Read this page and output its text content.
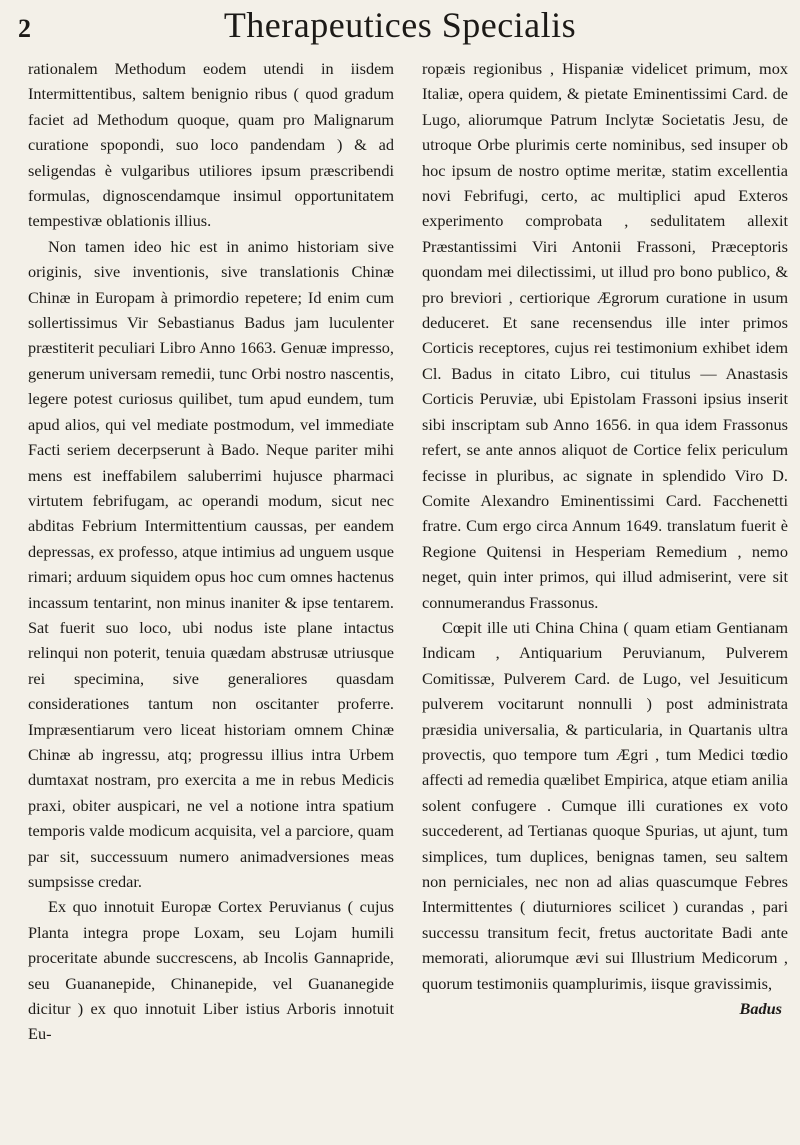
2	Therapeutices Specialis

rationalem Methodum eodem utendi in iisdem Intermittentibus, saltem benignio ribus ( quod gradum faciet ad Methodum quoque, quam pro Malignarum curatione spopondi, suo loco pandendam ) & ad seligendas è vulgaribus utiliores ipsum præscribendi formulas, dignoscendamque insimul opportunitatem tempestivæ oblationis illius.

Non tamen ideo hic est in animo historiam sive originis, sive inventionis, sive translationis Chinæ Chinæ in Europam à primordio repetere; Id enim cum sollertissimus Vir Sebastianus Badus jam luculenter præstiterit peculiari Libro Anno 1663. Genuæ impresso, generum universam remedii, tunc Orbi nostro nascentis, legere potest curiosus quilibet, tum apud eundem, tum apud alios, qui vel mediate postmodum, vel immediate Facti seriem decerpserunt à Bado. Neque pariter mihi mens est ineffabilem saluberrimi hujusce pharmaci virtutem febrifugam, ac operandi modum, sicut nec abditas Febrium Intermittentium caussas, per eandem depressas, ex professo, atque intimius ad unguem usque rimari; arduum siquidem opus hoc cum omnes hactenus incassum tentarint, non minus inaniter & ipse tentarem. Sat fuerit suo loco, ubi nodus iste plane intactus relinqui non poterit, tenuia quædam abstrusæ utriusque rei specimina, sive generaliores quasdam considerationes tantum non oscitanter proferre. Impræsentiarum vero liceat historiam omnem Chinæ Chinæ ab ingressu, atq; progressu illius intra Urbem dumtaxat nostram, pro exercita a me in rebus Medicis praxi, obiter auspicari, ne vel a notione intra spatium temporis valde modicum acquisita, vel a parciore, quam par sit, successuum numero animadversiones meas sumpsisse credar.

Ex quo innotuit Europæ Cortex Peruvianus ( cujus Planta integra prope Loxam, seu Lojam humili proceritate abunde succrescens, ab Incolis Gannapride, seu Guananepide, Chinanepide, vel Guananegide dicitur ) ex quo innotuit Liber istius Arboris innotuit Eu-

ropæis regionibus , Hispaniæ videlicet primum, mox Italiæ, opera quidem, & pietate Eminentissimi Card. de Lugo, aliorumque Patrum Inclytæ Societatis Jesu, de utroque Orbe plurimis certe nominibus, sed insuper ob hoc ipsum de nostro optime meritæ, statim excellentia novi Febrifugi, certo, ac multiplici apud Exteros experimento comprobata , sedulitatem allexit Præstantissimi Viri Antonii Frassoni, Præceptoris quondam mei dilectissimi, ut illud pro bono publico, & pro breviori , certiorique Ægrorum curatione in usum deduceret. Et sane recensendus ille inter primos Corticis receptores, cujus rei testimonium exhibet idem Cl. Badus in citato Libro, cui titulus — Anastasis Corticis Peruviæ, ubi Epistolam Frassoni ipsius inserit sibi inscriptam sub Anno 1656. in qua idem Frassonus refert, se ante annos aliquot de Cortice felix periculum fecisse in pluribus, ac signate in splendido Viro D. Comite Alexandro Eminentissimi Card. Facchenetti fratre. Cum ergo circa Annum 1649. translatum fuerit è Regione Quitensi in Hesperiam Remedium , nemo neget, quin inter primos, qui illud admiserint, vere sit connumerandus Frassonus.

Cœpit ille uti China China ( quam etiam Gentianam Indicam , Antiquarium Peruvianum, Pulverem Comitissæ, Pulverem Card. de Lugo, vel Jesuiticum pulverem vocitarunt nonnulli ) post administrata præsidia universalia, & particularia, in Quartanis ultra provectis, quo tempore tum Ægri , tum Medici tœdio affecti ad remedia quælibet Empirica, atque etiam anilia solent confugere . Cumque illi curationes ex voto succederent, ad Tertianas quoque Spurias, ut ajunt, tum simplices, tum duplices, benignas tamen, seu saltem non perniciales, nec non ad alias quascumque Febres Intermittentes ( diuturniores scilicet ) curandas , pari successu transitum fecit, fretus auctoritate Badi ante memorati, aliorumque ævi sui Illustrium Medicorum , quorum testimoniis quamplurimis, iisque gravissimis,

Badus
